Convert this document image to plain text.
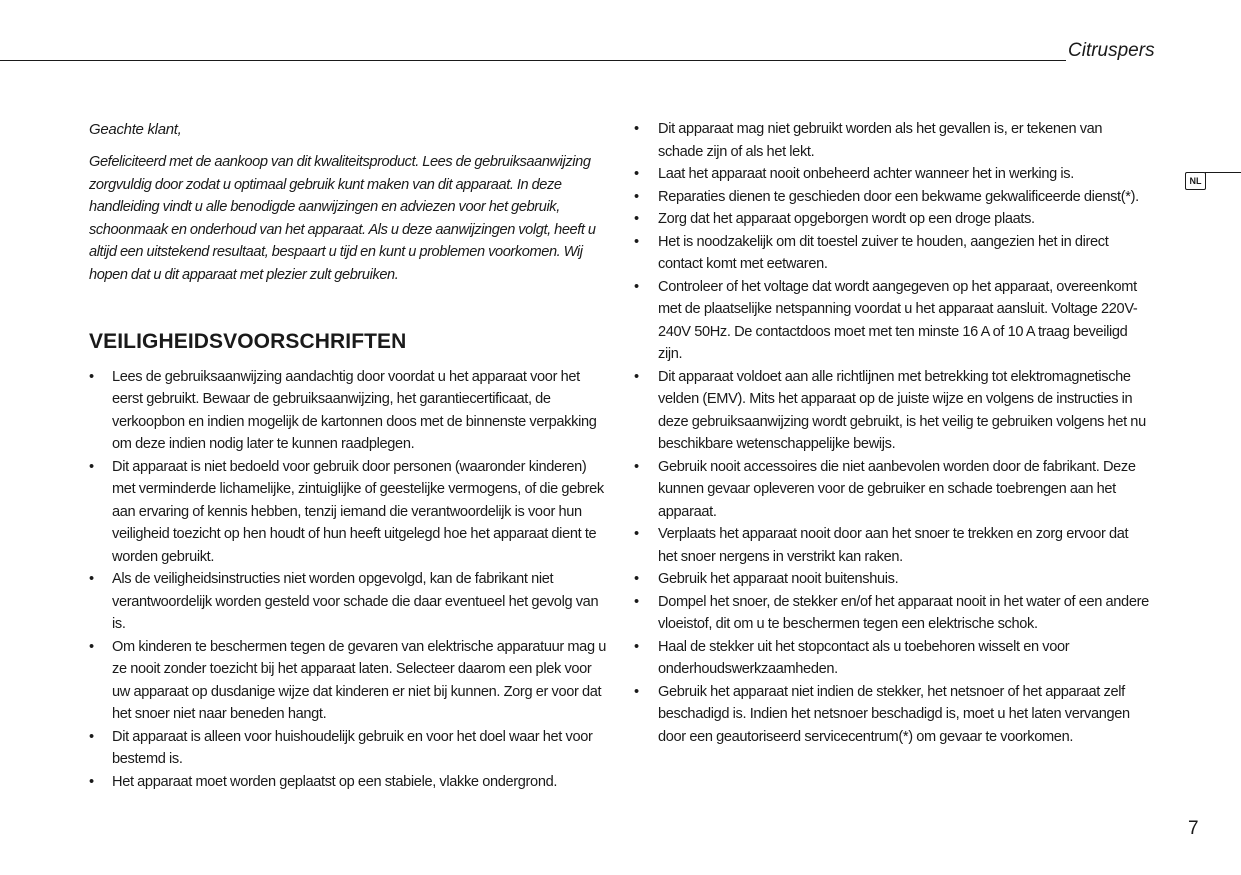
Citruspers
NL

Geachte klant,

Gefeliciteerd met de aankoop van dit kwaliteitsproduct. Lees de gebruiksaanwijzing zorgvuldig door zodat u optimaal gebruik kunt maken van dit apparaat. In deze handleiding vindt u alle benodigde aanwijzingen en adviezen voor het gebruik, schoonmaak en onderhoud van het apparaat. Als u deze aanwijzingen volgt, heeft u altijd een uitstekend resultaat, bespaart u tijd en kunt u problemen voorkomen. Wij hopen dat u dit apparaat met plezier zult gebruiken.

VEILIGHEIDSVOORSCHRIFTEN
• Lees de gebruiksaanwijzing aandachtig door voordat u het apparaat voor het eerst gebruikt. Bewaar de gebruiksaanwijzing, het garantiecertificaat, de verkoopbon en indien mogelijk de kartonnen doos met de binnenste verpakking om deze indien nodig later te kunnen raadplegen.
• Dit apparaat is niet bedoeld voor gebruik door personen (waaronder kinderen) met verminderde lichamelijke, zintuiglijke of geestelijke vermogens, of die gebrek aan ervaring of kennis hebben, tenzij iemand die verantwoordelijk is voor hun veiligheid toezicht op hen houdt of hun heeft uitgelegd hoe het apparaat dient te worden gebruikt.
• Als de veiligheidsinstructies niet worden opgevolgd, kan de fabrikant niet verantwoordelijk worden gesteld voor schade die daar eventueel het gevolg van is.
• Om kinderen te beschermen tegen de gevaren van elektrische apparatuur mag u ze nooit zonder toezicht bij het apparaat laten. Selecteer daarom een plek voor uw apparaat op dusdanige wijze dat kinderen er niet bij kunnen. Zorg er voor dat het snoer niet naar beneden hangt.
• Dit apparaat is alleen voor huishoudelijk gebruik en voor het doel waar het voor bestemd is.
• Het apparaat moet worden geplaatst op een stabiele, vlakke ondergrond.
• Dit apparaat mag niet gebruikt worden als het gevallen is, er tekenen van schade zijn of als het lekt.
• Laat het apparaat nooit onbeheerd achter wanneer het in werking is.
• Reparaties dienen te geschieden door een bekwame gekwalificeerde dienst(*).
• Zorg dat het apparaat opgeborgen wordt op een droge plaats.
• Het is noodzakelijk om dit toestel zuiver te houden, aangezien het in direct contact komt met eetwaren.
• Controleer of het voltage dat wordt aangegeven op het apparaat, overeenkomt met de plaatselijke netspanning voordat u het apparaat aansluit. Voltage 220V-240V 50Hz. De contactdoos moet met ten minste 16 A of 10 A traag beveiligd zijn.
• Dit apparaat voldoet aan alle richtlijnen met betrekking tot elektromagnetische velden (EMV). Mits het apparaat op de juiste wijze en volgens de instructies in deze gebruiksaanwijzing wordt gebruikt, is het veilig te gebruiken volgens het nu beschikbare wetenschappelijke bewijs.
• Gebruik nooit accessoires die niet aanbevolen worden door de fabrikant. Deze kunnen gevaar opleveren voor de gebruiker en schade toebrengen aan het apparaat.
• Verplaats het apparaat nooit door aan het snoer te trekken en zorg ervoor dat het snoer nergens in verstrikt kan raken.
• Gebruik het apparaat nooit buitenshuis.
• Dompel het snoer, de stekker en/of het apparaat nooit in het water of een andere vloeistof, dit om u te beschermen tegen een elektrische schok.
• Haal de stekker uit het stopcontact als u toebehoren wisselt en voor onderhoudswerkzaamheden.
• Gebruik het apparaat niet indien de stekker, het netsnoer of het apparaat zelf beschadigd is. Indien het netsnoer beschadigd is, moet u het laten vervangen door een geautoriseerd servicecentrum(*) om gevaar te voorkomen.
7
